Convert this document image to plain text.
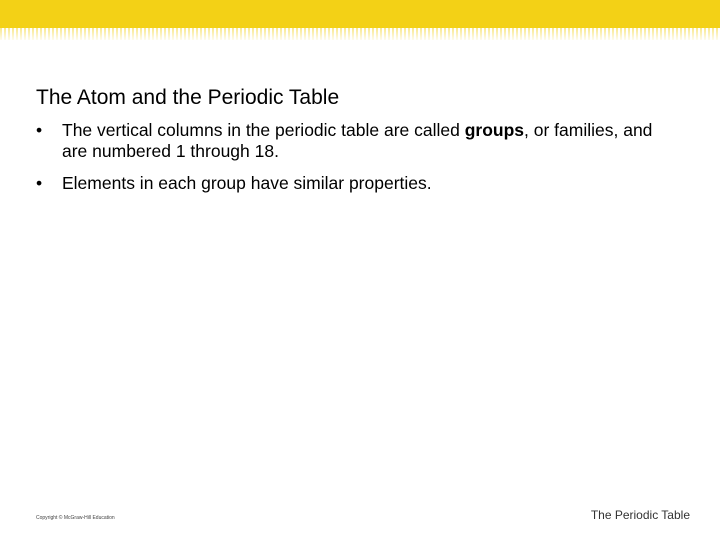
The Atom and the Periodic Table
•	The vertical columns in the periodic table are called groups, or families, and are numbered 1 through 18.
•	Elements in each group have similar properties.
Copyright © McGraw-Hill Education	The Periodic Table
